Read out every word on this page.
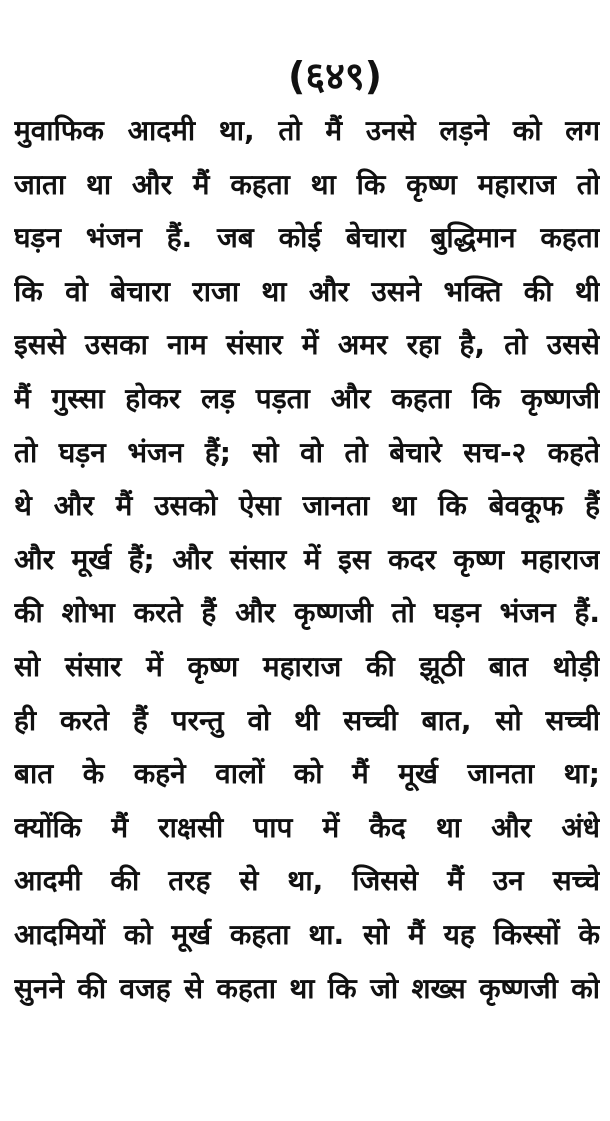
(६४९)
मुवाफिक आदमी था, तो मैं उनसे लड़ने को लग
जाता था और मैं कहता था कि कृष्ण महाराज तो
घड़न भंजन हैं. जब कोई बेचारा बुद्धिमान कहता
कि वो बेचारा राजा था और उसने भक्ति की थी
इससे उसका नाम संसार में अमर रहा है, तो उससे
मैं गुस्सा होकर लड़ पड़ता और कहता कि कृष्णजी
तो घड़न भंजन हैं; सो वो तो बेचारे सच-२ कहते
थे और मैं उसको ऐसा जानता था कि बेवकूफ हैं
और मूर्ख हैं; और संसार में इस कदर कृष्ण महाराज
की शोभा करते हैं और कृष्णजी तो घड़न भंजन हैं.
सो संसार में कृष्ण महाराज की झूठी बात थोड़ी
ही करते हैं परन्तु वो थी सच्ची बात, सो सच्ची
बात के कहने वालों को मैं मूर्ख जानता था;
क्योंकि मैं राक्षसी पाप में कैद था और अंधे
आदमी की तरह से था, जिससे मैं उन सच्चे
आदमियों को मूर्ख कहता था. सो मैं यह किस्सों के
सुनने की वजह से कहता था कि जो शख्स कृष्णजी को
